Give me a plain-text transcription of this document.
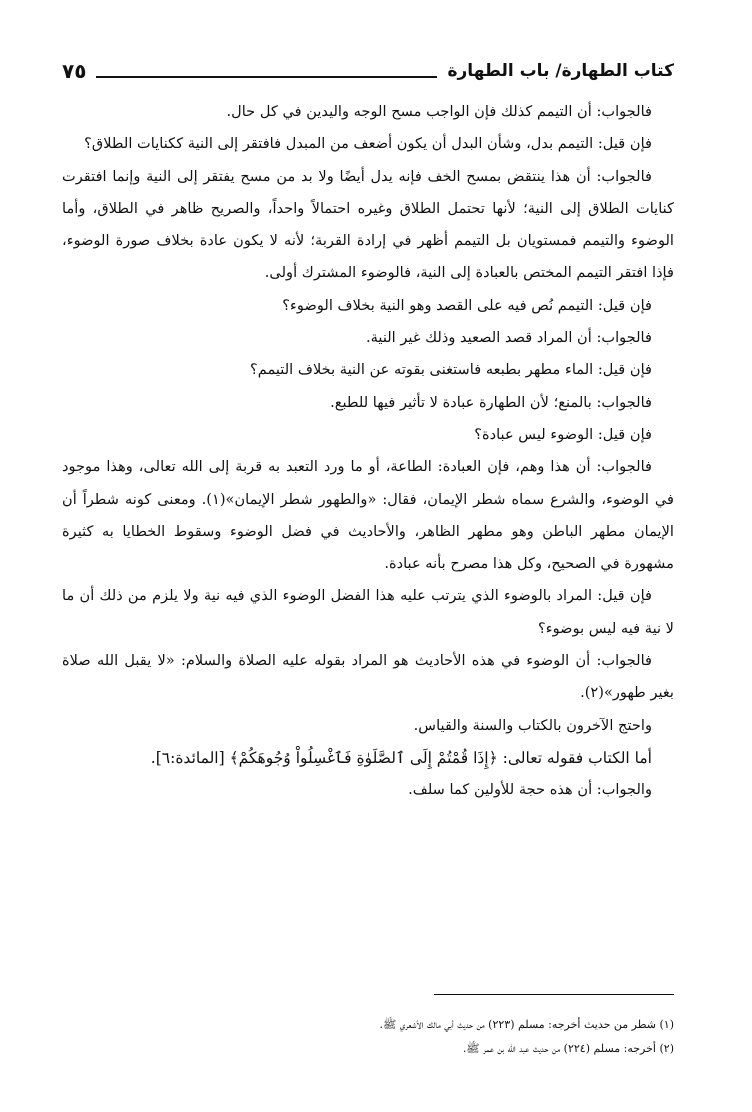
كتاب الطهارة/ باب الطهارة
٧٥

فالجواب: أن التيمم كذلك فإن الواجب مسح الوجه واليدين في كل حال.

فإن قيل: التيمم بدل، وشأن البدل أن يكون أضعف من المبدل فافتقر إلى النية ككنايات الطلاق؟

فالجواب: أن هذا ينتقض بمسح الخف فإنه يدل أيضًا ولا بد من مسح يفتقر إلى النية وإنما افتقرت كنايات الطلاق إلى النية؛ لأنها تحتمل الطلاق وغيره احتمالاً واحداً، والصريح ظاهر في الطلاق، وأما الوضوء والتيمم فمستويان بل التيمم أظهر في إرادة القربة؛ لأنه لا يكون عادة بخلاف صورة الوضوء، فإذا افتقر التيمم المختص بالعبادة إلى النية، فالوضوء المشترك أولى.

فإن قيل: التيمم نُص فيه على القصد وهو النية بخلاف الوضوء؟

فالجواب: أن المراد قصد الصعيد وذلك غير النية.

فإن قيل: الماء مطهر بطبعه فاستغنى بقوته عن النية بخلاف التيمم؟

فالجواب: بالمنع؛ لأن الطهارة عبادة لا تأثير فيها للطبع.

فإن قيل: الوضوء ليس عبادة؟

فالجواب: أن هذا وهم، فإن العبادة: الطاعة، أو ما ورد التعبد به قربة إلى الله تعالى، وهذا موجود في الوضوء، والشرع سماه شطر الإيمان، فقال: «والطهور شطر الإيمان»(١). ومعنى كونه شطراً أن الإيمان مطهر الباطن وهو مطهر الظاهر، والأحاديث في فضل الوضوء وسقوط الخطايا به كثيرة مشهورة في الصحيح، وكل هذا مصرح بأنه عبادة.

فإن قيل: المراد بالوضوء الذي يترتب عليه هذا الفضل الوضوء الذي فيه نية ولا يلزم من ذلك أن ما لا نية فيه ليس بوضوء؟

فالجواب: أن الوضوء في هذه الأحاديث هو المراد بقوله عليه الصلاة والسلام: «لا يقبل الله صلاة بغير طهور»(٢).

واحتج الآخرون بالكتاب والسنة والقياس.

أما الكتاب فقوله تعالى: ﴿إِذَا قُمْتُمْ إِلَى ٱلصَّلَوٰةِ فَٱغْسِلُواْ وُجُوهَكُمْ﴾ [المائدة:٦].

والجواب: أن هذه حجة للأولين كما سلف.

(١) شطر من حديث أخرجه: مسلم (٢٢٣) من حديث أبي مالك الأشعري ﷺ.

(٢) أخرجه: مسلم (٢٢٤) من حديث عبد الله بن عمر ﷺ.
